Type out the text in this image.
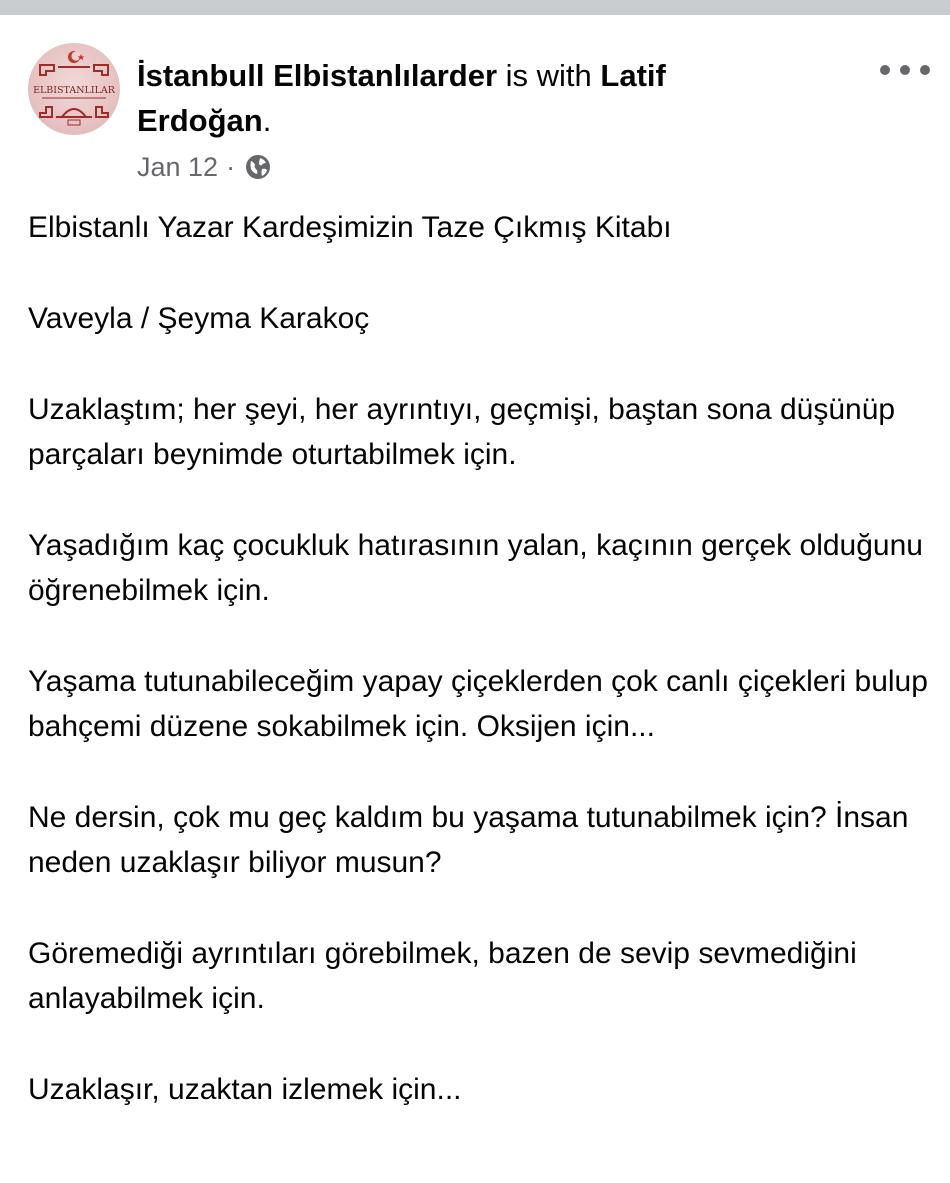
ELBISTANLILAR İstanbull Elbistanlılarder is with Latif Erdoğan.
Jan 12 ·

Elbistanlı Yazar Kardeşimizin Taze Çıkmış Kitabı

Vaveyla / Şeyma Karakoç

Uzaklaştım; her şeyi, her ayrıntıyı, geçmişi, baştan sona düşünüp parçaları beynimde oturtabilmek için.

Yaşadığım kaç çocukluk hatırasının yalan, kaçının gerçek olduğunu öğrenebilmek için.

Yaşama tutunabileceğim yapay çiçeklerden çok canlı çiçekleri bulup bahçemi düzene sokabilmek için. Oksijen için...

Ne dersin, çok mu geç kaldım bu yaşama tutunabilmek için? İnsan neden uzaklaşır biliyor musun?

Göremediği ayrıntıları görebilmek, bazen de sevip sevmediğini anlayabilmek için.

Uzaklaşır, uzaktan izlemek için...
